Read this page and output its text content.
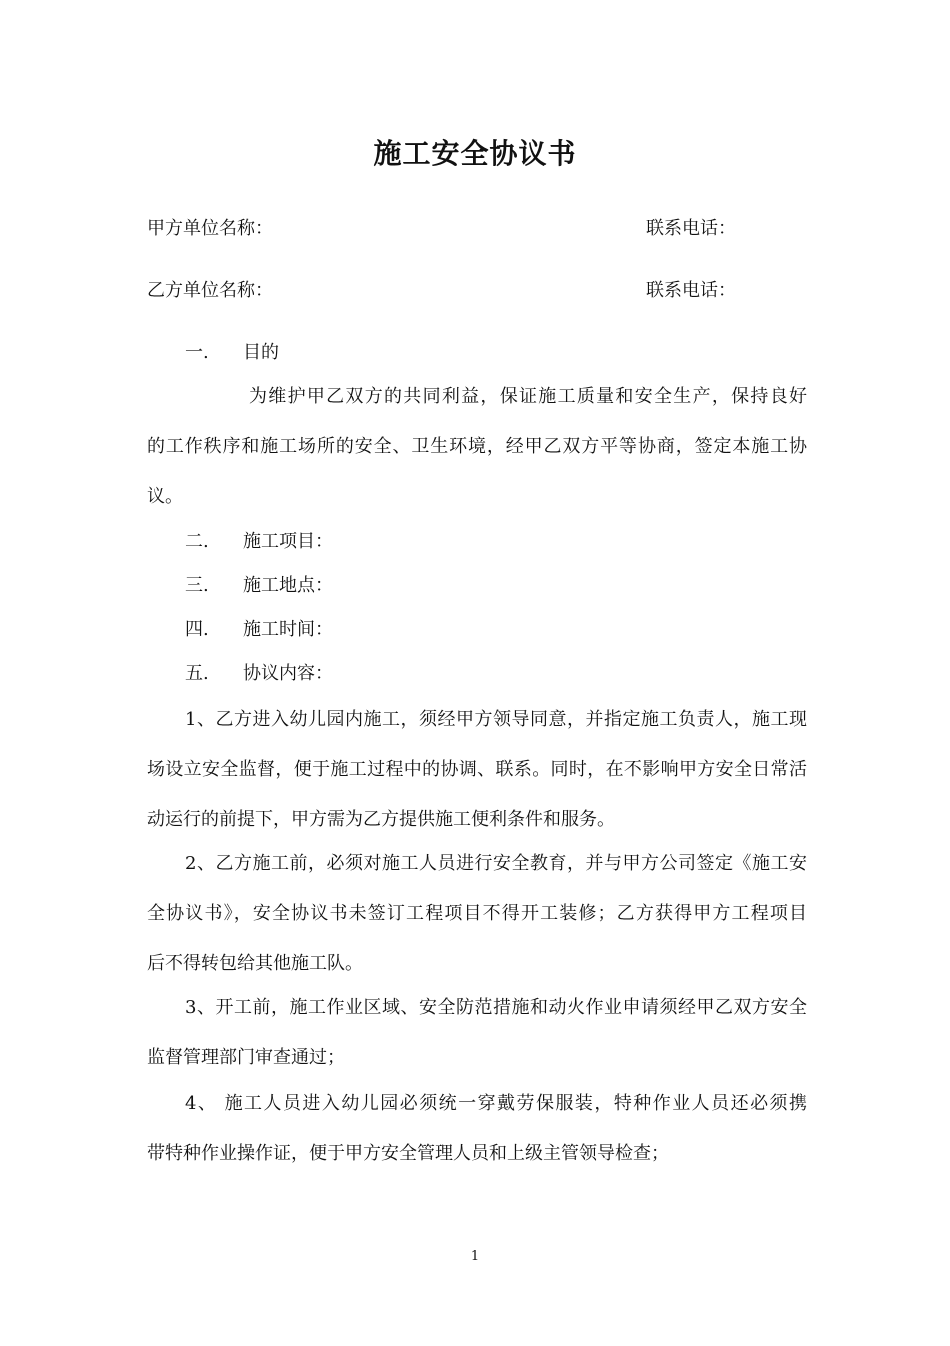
施工安全协议书
甲方单位名称：	联系电话：
乙方单位名称：	联系电话：
一. 目的
为维护甲乙双方的共同利益，保证施工质量和安全生产，保持良好
的工作秩序和施工场所的安全、卫生环境，经甲乙双方平等协商，签定本施工协
议。
二. 施工项目：
三. 施工地点：
四. 施工时间：
五. 协议内容：
1、乙方进入幼儿园内施工，须经甲方领导同意，并指定施工负责人，施工现
场设立安全监督，便于施工过程中的协调、联系。同时，在不影响甲方安全日常活
动运行的前提下，甲方需为乙方提供施工便利条件和服务。
2、乙方施工前，必须对施工人员进行安全教育，并与甲方公司签定《施工安
全协议书》，安全协议书未签订工程项目不得开工装修；乙方获得甲方工程项目
后不得转包给其他施工队。
3、开工前，施工作业区域、安全防范措施和动火作业申请须经甲乙双方安全
监督管理部门审查通过；
4、 施工人员进入幼儿园必须统一穿戴劳保服装，特种作业人员还必须携
带特种作业操作证，便于甲方安全管理人员和上级主管领导检查；
1
